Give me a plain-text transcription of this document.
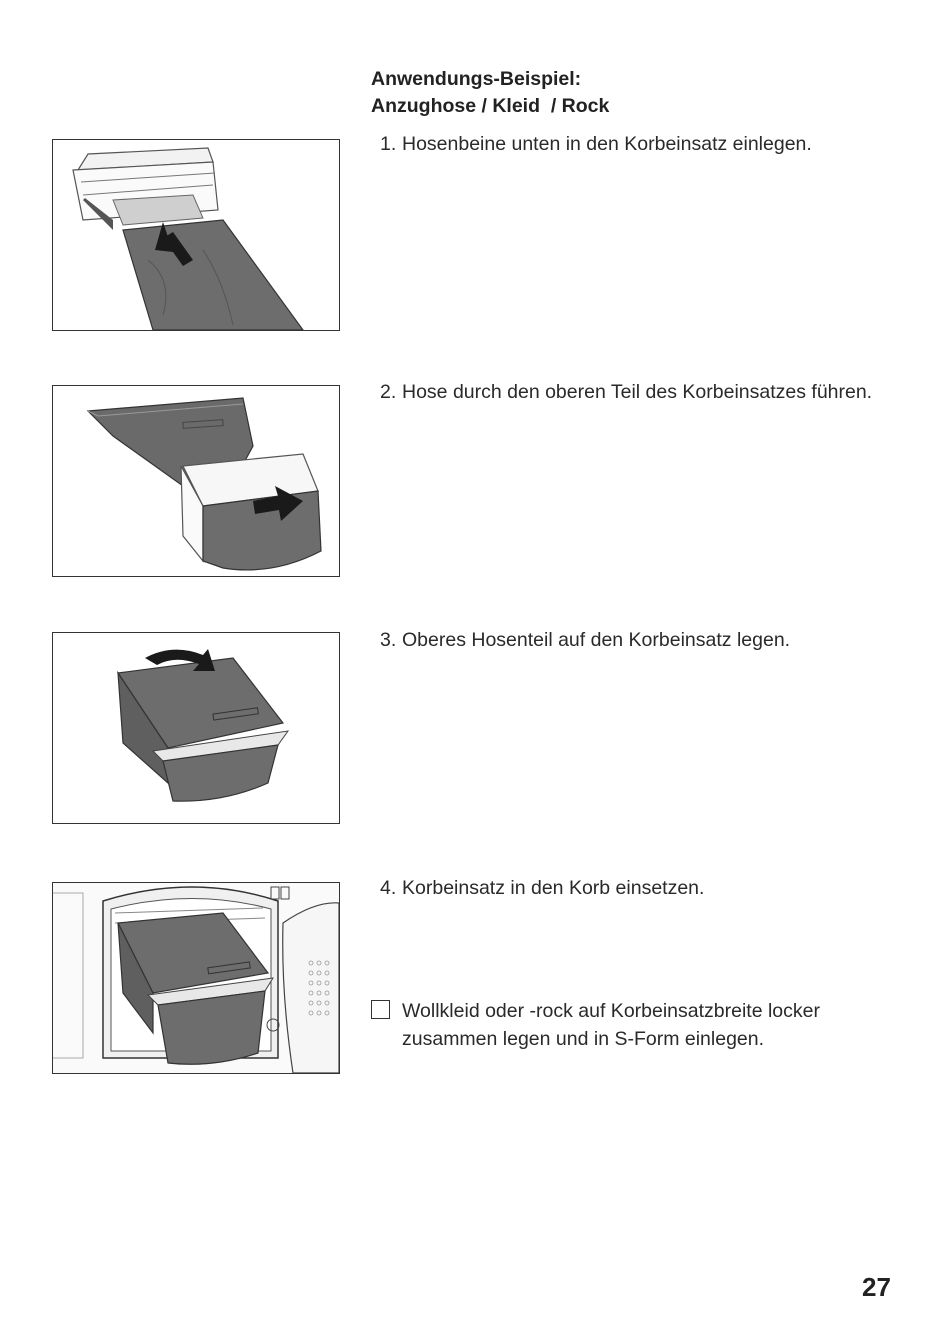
Anwendungs-Beispiel:
Anzughose / Kleid  / Rock
1. Hosenbeine unten in den Korbeinsatz einlegen.
2. Hose durch den oberen Teil des Korbeinsatzes führen.
3. Oberes Hosenteil auf den Korbeinsatz legen.
4. Korbeinsatz in den Korb einsetzen.
Wollkleid oder -rock auf Korbeinsatzbreite locker zusammen legen und in S-Form einlegen.
27
